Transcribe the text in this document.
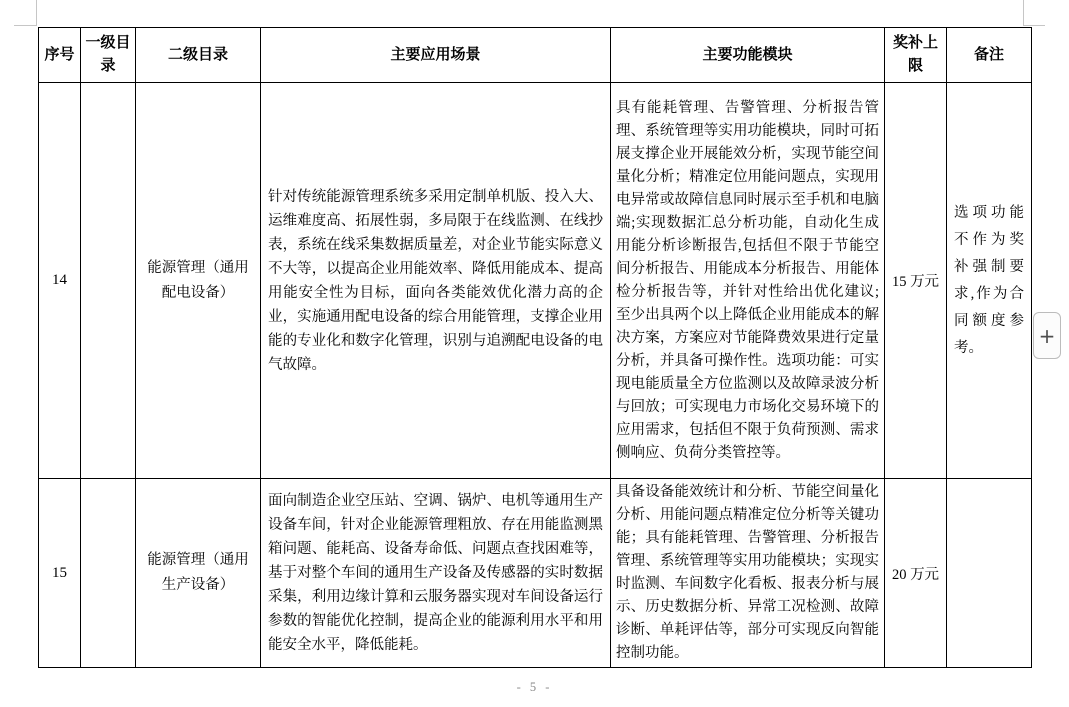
序号	一级目录	二级目录	主要应用场景	主要功能模块	奖补上限	备注
14		能源管理（通用配电设备）	针对传统能源管理系统多采用定制单机版、投入大、运维难度高、拓展性弱，多局限于在线监测、在线抄表，系统在线采集数据质量差，对企业节能实际意义不大等，以提高企业用能效率、降低用能成本、提高用能安全性为目标，面向各类能效优化潜力高的企业，实施通用配电设备的综合用能管理，支撑企业用能的专业化和数字化管理，识别与追溯配电设备的电气故障。	具有能耗管理、告警管理、分析报告管理、系统管理等实用功能模块，同时可拓展支撑企业开展能效分析，实现节能空间量化分析；精准定位用能问题点，实现用电异常或故障信息同时展示至手机和电脑端;实现数据汇总分析功能，自动化生成用能分析诊断报告,包括但不限于节能空间分析报告、用能成本分析报告、用能体检分析报告等，并针对性给出优化建议;至少出具两个以上降低企业用能成本的解决方案，方案应对节能降费效果进行定量分析，并具备可操作性。选项功能：可实现电能质量全方位监测以及故障录波分析与回放；可实现电力市场化交易环境下的应用需求，包括但不限于负荷预测、需求侧响应、负荷分类管控等。	15 万元	选项功能不作为奖补强制要求,作为合同额度参考。
15		能源管理（通用生产设备）	面向制造企业空压站、空调、锅炉、电机等通用生产设备车间，针对企业能源管理粗放、存在用能监测黑箱问题、能耗高、设备寿命低、问题点查找困难等，基于对整个车间的通用生产设备及传感器的实时数据采集，利用边缘计算和云服务器实现对车间设备运行参数的智能优化控制，提高企业的能源利用水平和用能安全水平，降低能耗。	具备设备能效统计和分析、节能空间量化分析、用能问题点精准定位分析等关键功能；具有能耗管理、告警管理、分析报告管理、系统管理等实用功能模块；实现实时监测、车间数字化看板、报表分析与展示、历史数据分析、异常工况检测、故障诊断、单耗评估等，部分可实现反向智能控制功能。	20 万元	
- 5 -
+
